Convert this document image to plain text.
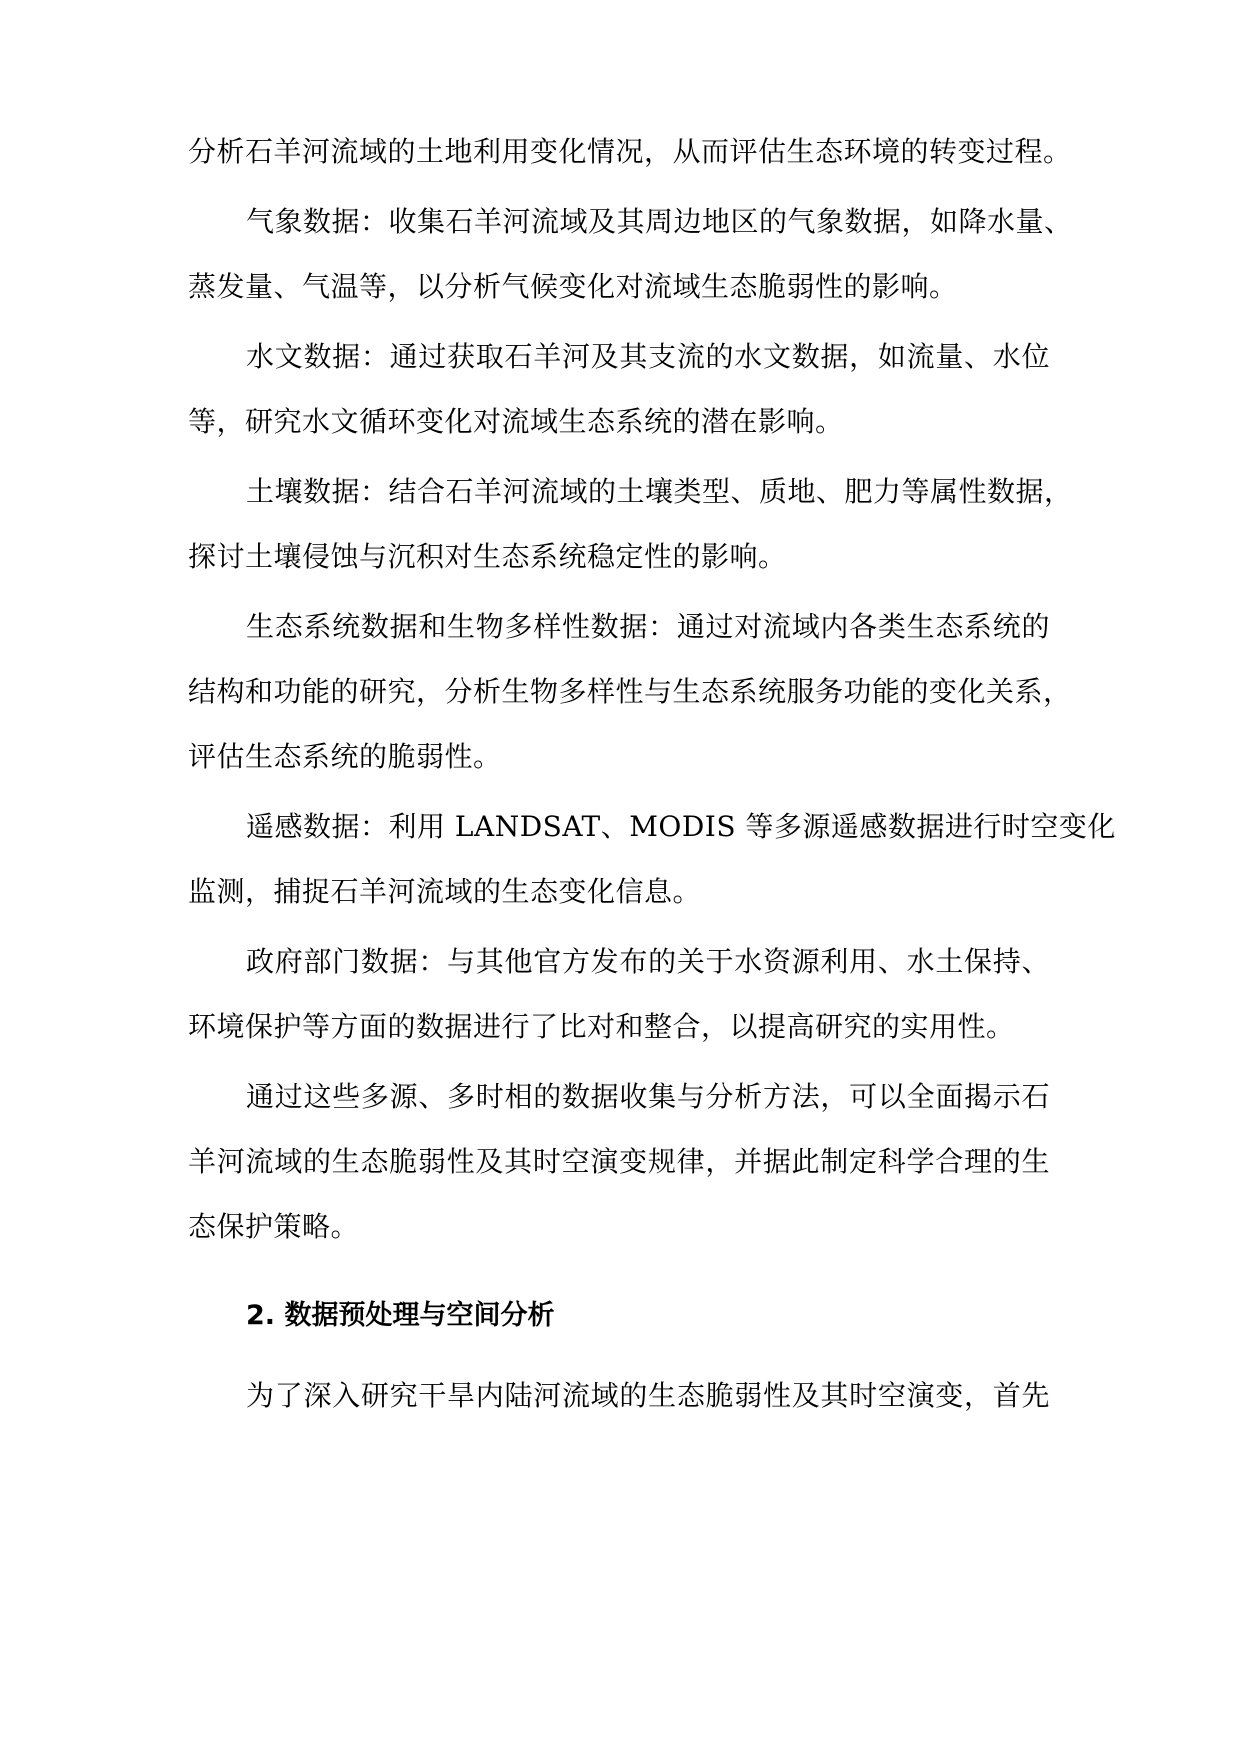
分析石羊河流域的土地利用变化情况，从而评估生态环境的转变过程。
气象数据：收集石羊河流域及其周边地区的气象数据，如降水量、
蒸发量、气温等，以分析气候变化对流域生态脆弱性的影响。
水文数据：通过获取石羊河及其支流的水文数据，如流量、水位
等，研究水文循环变化对流域生态系统的潜在影响。
土壤数据：结合石羊河流域的土壤类型、质地、肥力等属性数据，
探讨土壤侵蚀与沉积对生态系统稳定性的影响。
生态系统数据和生物多样性数据：通过对流域内各类生态系统的
结构和功能的研究，分析生物多样性与生态系统服务功能的变化关系，
评估生态系统的脆弱性。
遥感数据：利用 LANDSAT、MODIS 等多源遥感数据进行时空变化
监测，捕捉石羊河流域的生态变化信息。
政府部门数据：与其他官方发布的关于水资源利用、水土保持、
环境保护等方面的数据进行了比对和整合，以提高研究的实用性。
通过这些多源、多时相的数据收集与分析方法，可以全面揭示石
羊河流域的生态脆弱性及其时空演变规律，并据此制定科学合理的生
态保护策略。
2. 数据预处理与空间分析
为了深入研究干旱内陆河流域的生态脆弱性及其时空演变，首先
